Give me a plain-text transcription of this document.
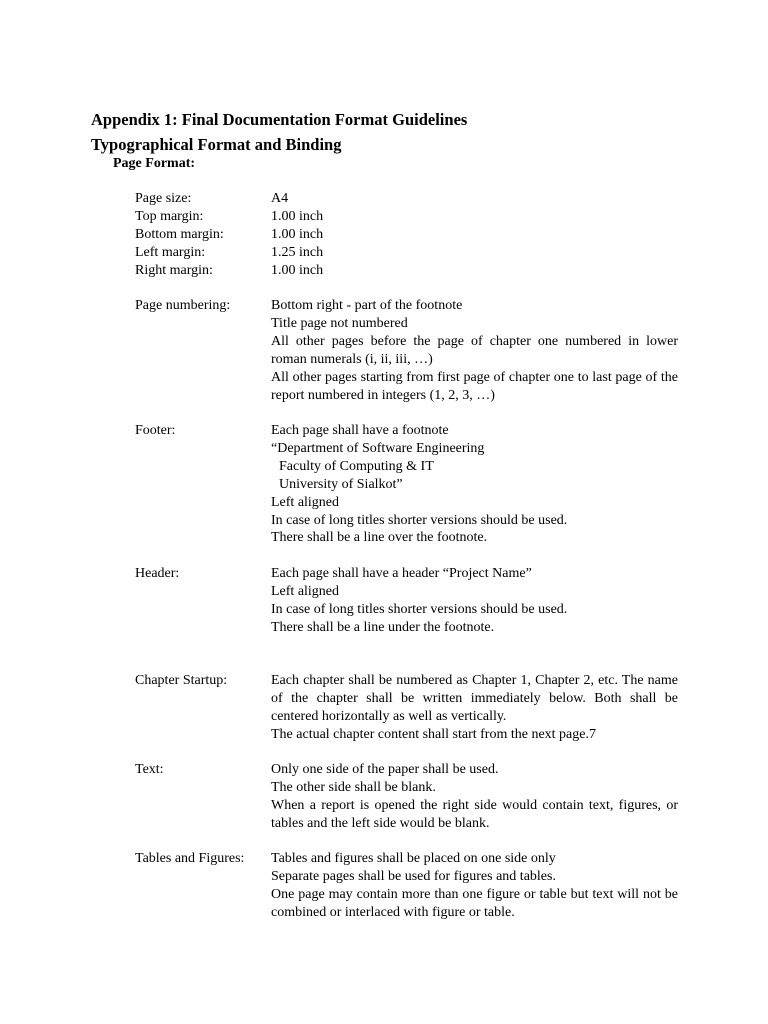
Appendix 1: Final Documentation Format Guidelines
Typographical Format and Binding
Page Format:
Page size:	A4
Top margin:	1.00 inch
Bottom margin:	1.00 inch
Left margin:	1.25 inch
Right margin:	1.00 inch
Page numbering:	Bottom right - part of the footnote
Title page not numbered
All other pages before the page of chapter one numbered in lower roman numerals (i, ii, iii, …)
All other pages starting from first page of chapter one to last page of the report numbered in integers (1, 2, 3, …)
Footer:	Each page shall have a footnote
“Department of Software Engineering
Faculty of Computing & IT
University of Sialkot”
Left aligned
In case of long titles shorter versions should be used.
There shall be a line over the footnote.
Header:	Each page shall have a header “Project Name”
Left aligned
In case of long titles shorter versions should be used.
There shall be a line under the footnote.
Chapter Startup:	Each chapter shall be numbered as Chapter 1, Chapter 2, etc. The name of the chapter shall be written immediately below. Both shall be centered horizontally as well as vertically.
The actual chapter content shall start from the next page.7
Text:	Only one side of the paper shall be used.
The other side shall be blank.
When a report is opened the right side would contain text, figures, or tables and the left side would be blank.
Tables and Figures: Tables and figures shall be placed on one side only
Separate pages shall be used for figures and tables.
One page may contain more than one figure or table but text will not be combined or interlaced with figure or table.
